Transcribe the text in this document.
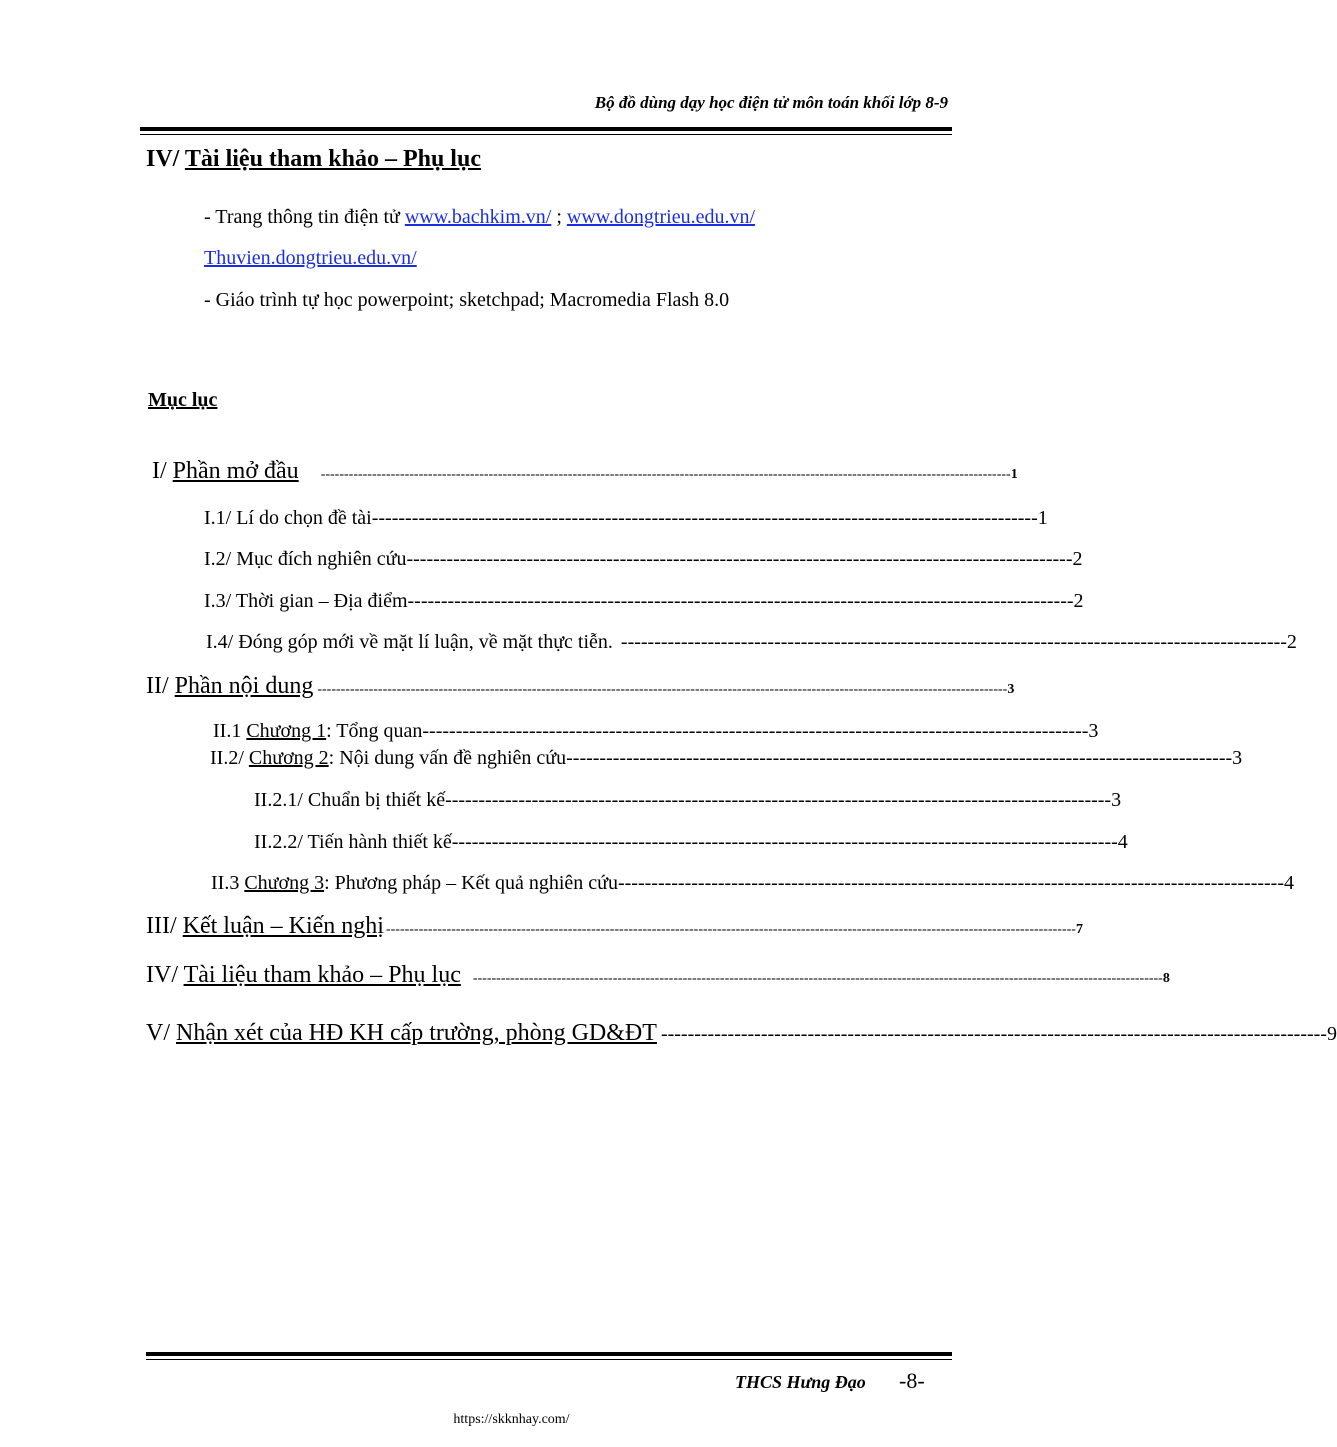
Bộ đồ dùng dạy học điện tử môn toán khối lớp 8-9
IV/ Tài liệu tham khảo – Phụ lục
- Trang thông tin điện tử www.bachkim.vn/ ; www.dongtrieu.edu.vn/
Thuvien.dongtrieu.edu.vn/
- Giáo trình tự học powerpoint; sketchpad; Macromedia Flash 8.0
Mục lục
I/ Phần mở đầu ---------------------------------------------------------------------------------------------------------------------------------------------------- 1
I.1/ Lí do chọn đề tài ---------------------------------------------------------------------------------------------------- 1
I.2/ Mục đích nghiên cứu ---------------------------------------------------------------------------------------------------- 2
I.3/ Thời gian – Địa điểm ---------------------------------------------------------------------------------------------------- 2
I.4/ Đóng góp mới về mặt lí luận, về mặt thực tiễn. ---------------------------------------------------------------------------------------------------- 2
II/ Phần nội dung ---------------------------------------------------------------------------------------------------------------------------------------------------- 3
II.1 Chương 1: Tổng quan ---------------------------------------------------------------------------------------------------- 3
II.2/ Chương 2: Nội dung vấn đề nghiên cứu ---------------------------------------------------------------------------------------------------- 3
II.2.1/ Chuẩn bị thiết kế ---------------------------------------------------------------------------------------------------- 3
II.2.2/ Tiến hành thiết kế ---------------------------------------------------------------------------------------------------- 4
II.3 Chương 3: Phương pháp – Kết quả nghiên cứu ---------------------------------------------------------------------------------------------------- 4
III/ Kết luận – Kiến nghị ---------------------------------------------------------------------------------------------------------------------------------------------------- 7
IV/ Tài liệu tham khảo – Phụ lục ---------------------------------------------------------------------------------------------------------------------------------------------------- 8
V/ Nhận xét của HĐ KH cấp trường, phòng GD&ĐT ---------------------------------------------------------------------------------------------------- 9
THCS Hưng Đạo -8-
https://skknhay.com/
